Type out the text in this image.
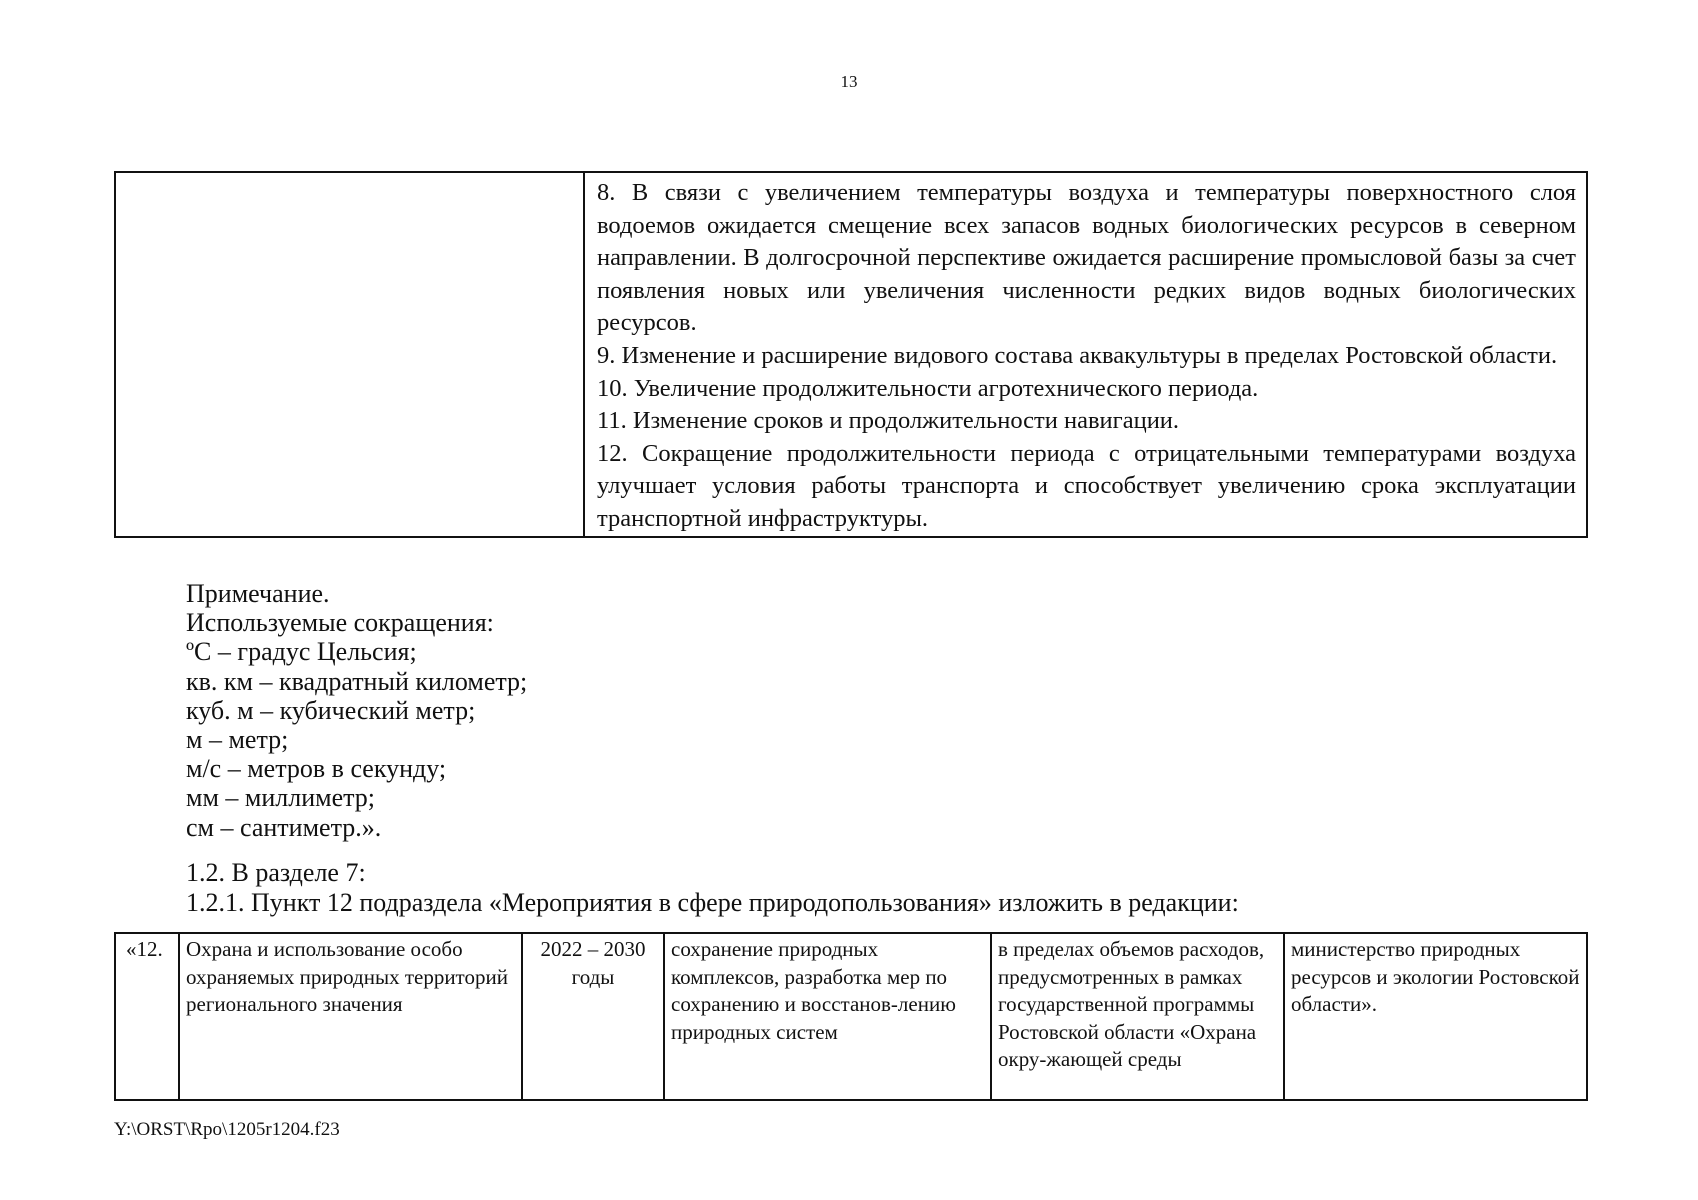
13

8. В связи с увеличением температуры воздуха и температуры поверхностного слоя водоемов ожидается смещение всех запасов водных биологических ресурсов в северном направлении. В долгосрочной перспективе ожидается расширение промысловой базы за счет появления новых или увеличения численности редких видов водных биологических ресурсов.
9. Изменение и расширение видового состава аквакультуры в пределах Ростовской области.
10. Увеличение продолжительности агротехнического периода.
11. Изменение сроков и продолжительности навигации.
12. Сокращение продолжительности периода с отрицательными температурами воздуха улучшает условия работы транспорта и способствует увеличению срока эксплуатации транспортной инфраструктуры.
Примечание.
Используемые сокращения:
ºС – градус Цельсия;
кв. км – квадратный километр;
куб. м – кубический метр;
м – метр;
м/с – метров в секунду;
мм – миллиметр;
см – сантиметр.».
1.2. В разделе 7:
1.2.1. Пункт 12 подраздела «Мероприятия в сфере природопользования» изложить в редакции:
«12.	Охрана и использование особо охраняемых природных территорий регионального значения	2022 – 2030 годы	сохранение природных комплексов, разработка мер по сохранению и восстанов-лению природных систем	в пределах объемов расходов, предусмотренных в рамках государственной программы Ростовской области «Охрана окру-жающей среды	министерство природных ресурсов и экологии Ростовской области».
Y:\ORST\Rpo\1205r1204.f23
